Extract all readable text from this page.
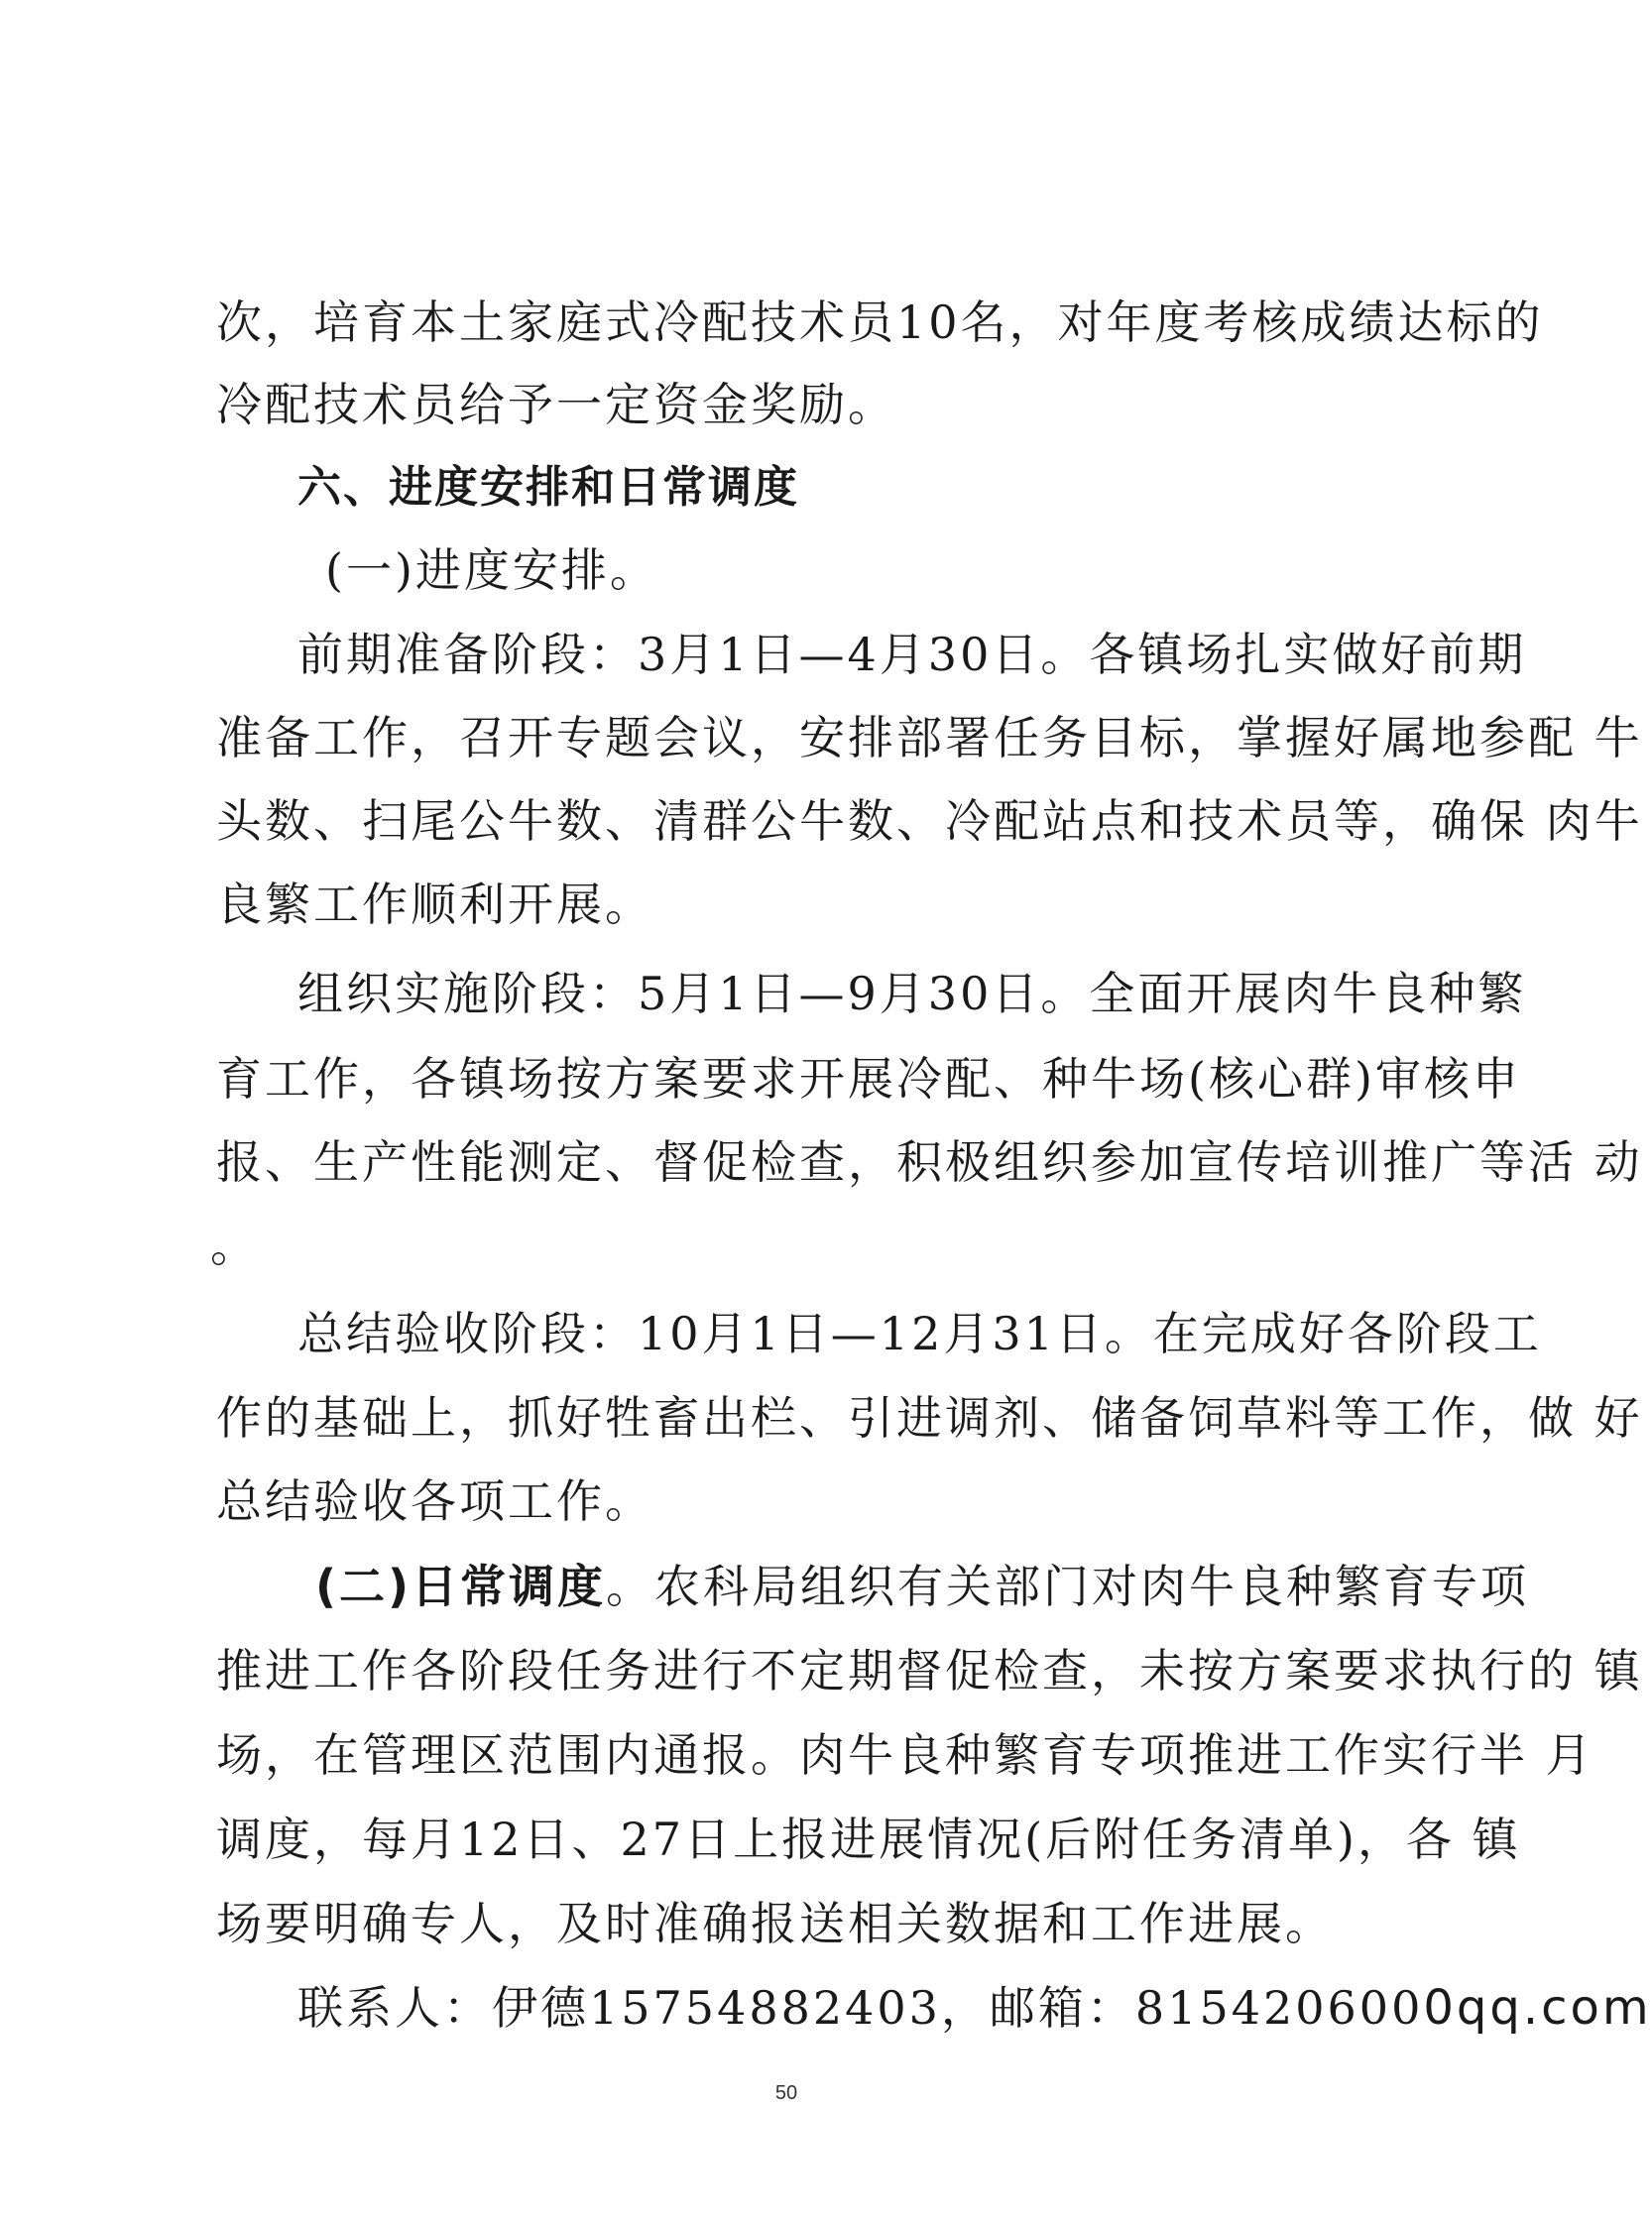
次，培育本土家庭式冷配技术员10名，对年度考核成绩达标的
冷配技术员给予一定资金奖励。
六、进度安排和日常调度
(一)进度安排。
前期准备阶段：3月1日—4月30日。各镇场扎实做好前期
准备工作，召开专题会议，安排部署任务目标，掌握好属地参配 牛
头数、扫尾公牛数、清群公牛数、冷配站点和技术员等，确保 肉牛
良繁工作顺利开展。
组织实施阶段：5月1日—9月30日。全面开展肉牛良种繁
育工作，各镇场按方案要求开展冷配、种牛场(核心群)审核申
报、生产性能测定、督促检查，积极组织参加宣传培训推广等活 动
。
总结验收阶段：10月1日—12月31日。在完成好各阶段工
作的基础上，抓好牲畜出栏、引进调剂、储备饲草料等工作，做 好
总结验收各项工作。
(二)日常调度。农科局组织有关部门对肉牛良种繁育专项
推进工作各阶段任务进行不定期督促检查，未按方案要求执行的 镇
场，在管理区范围内通报。肉牛良种繁育专项推进工作实行半 月
调度，每月12日、27日上报进展情况(后附任务清单)，各 镇
场要明确专人，及时准确报送相关数据和工作进展。
联系人：伊德15754882403，邮箱：8154206000qq.com
50
